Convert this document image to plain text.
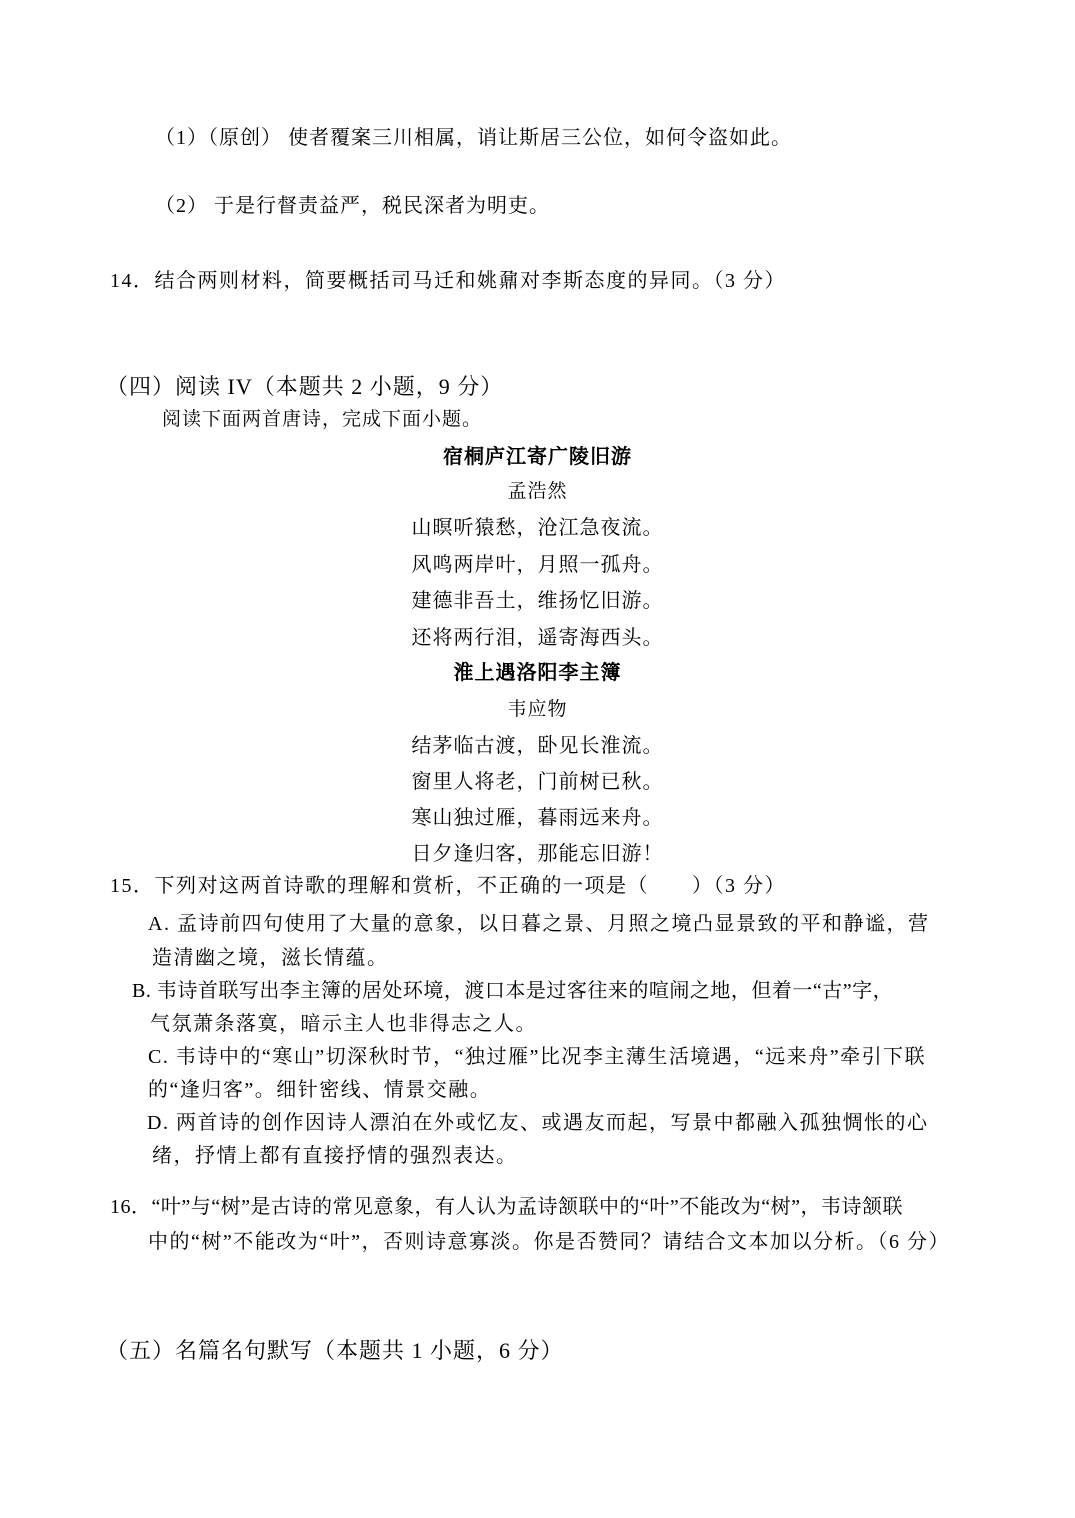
（1）（原创） 使者覆案三川相属，诮让斯居三公位，如何令盗如此。
（2） 于是行督责益严，税民深者为明吏。
14．结合两则材料，简要概括司马迁和姚鼐对李斯态度的异同。（3 分）
（四）阅读 IV（本题共 2 小题，9 分）
阅读下面两首唐诗，完成下面小题。
宿桐庐江寄广陵旧游
孟浩然
山暝听猿愁，沧江急夜流。
风鸣两岸叶，月照一孤舟。
建德非吾土，维扬忆旧游。
还将两行泪，遥寄海西头。
淮上遇洛阳李主簿
韦应物
结茅临古渡，卧见长淮流。
窗里人将老，门前树已秋。
寒山独过雁，暮雨远来舟。
日夕逢归客，那能忘旧游！
15．下列对这两首诗歌的理解和赏析，不正确的一项是（　　）（3 分）
A. 孟诗前四句使用了大量的意象，以日暮之景、月照之境凸显景致的平和静谧，营
造清幽之境，滋长情蕴。
B. 韦诗首联写出李主簿的居处环境，渡口本是过客往来的喧闹之地，但着一“古”字，
气氛萧条落寞，暗示主人也非得志之人。
C. 韦诗中的“寒山”切深秋时节，“独过雁”比况李主薄生活境遇，“远来舟”牵引下联
的“逢归客”。细针密线、情景交融。
D. 两首诗的创作因诗人漂泊在外或忆友、或遇友而起，写景中都融入孤独惆怅的心
绪，抒情上都有直接抒情的强烈表达。
16．“叶”与“树”是古诗的常见意象，有人认为孟诗颔联中的“叶”不能改为“树”，韦诗颔联
中的“树”不能改为“叶”，否则诗意寡淡。你是否赞同？请结合文本加以分析。（6 分）
（五）名篇名句默写（本题共 1 小题，6 分）
